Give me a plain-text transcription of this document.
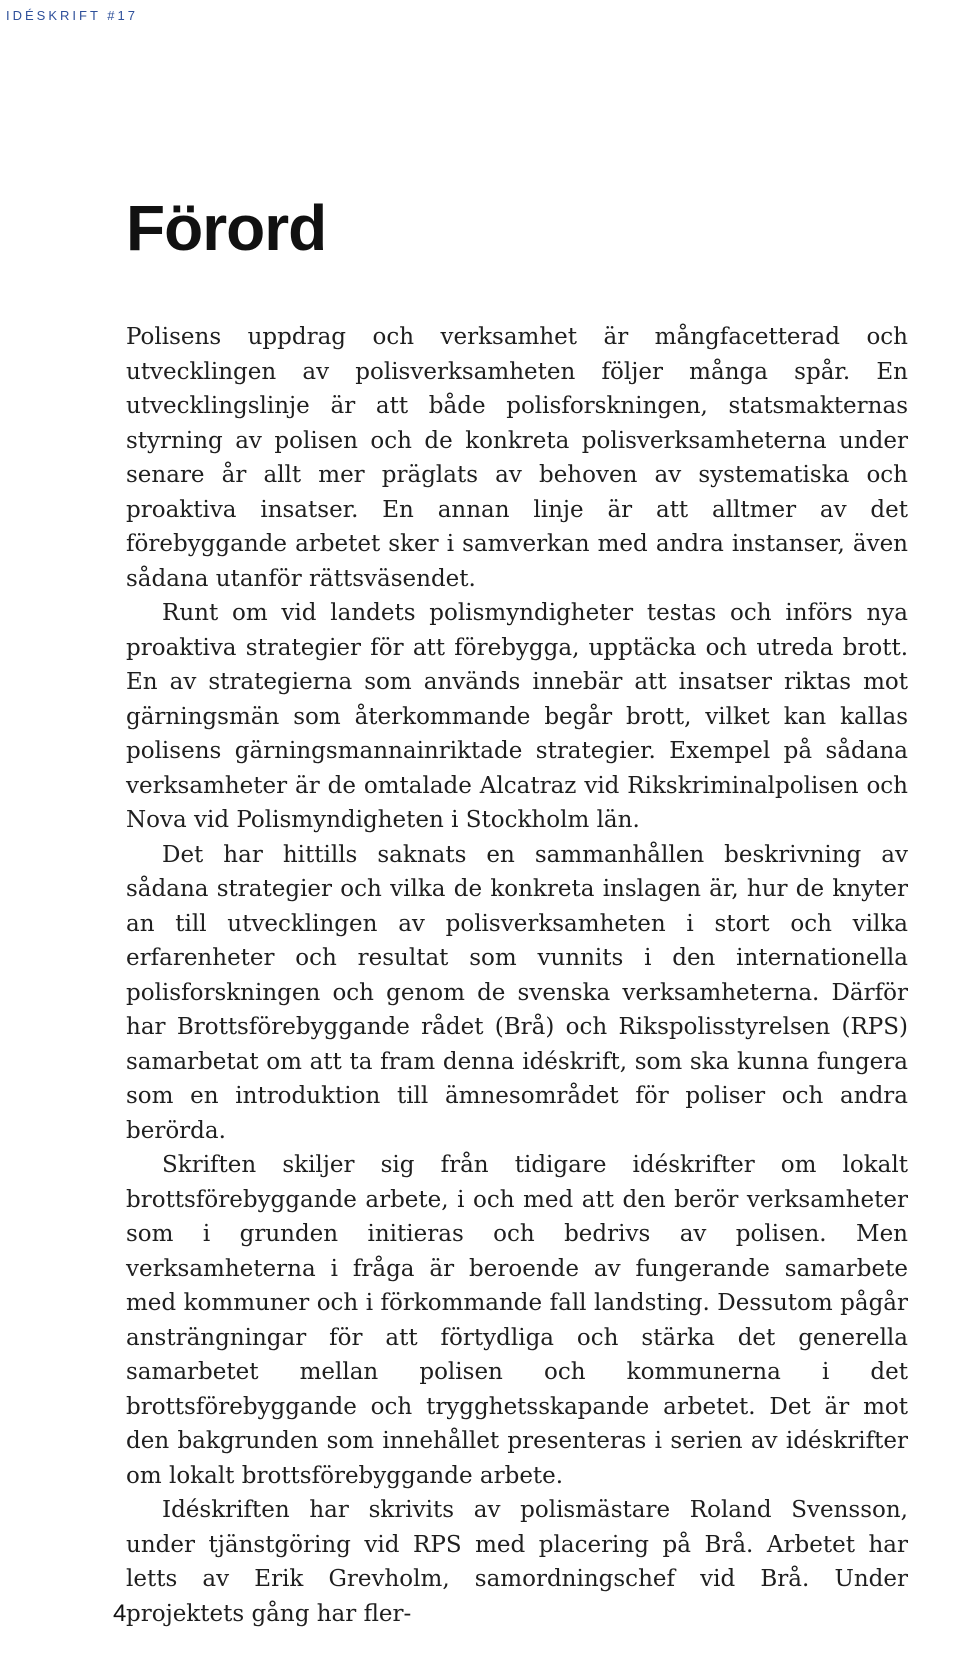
IDÉSKRIFT #17
Förord

Polisens uppdrag och verksamhet är mångfacetterad och utvecklingen av polisverksamheten följer många spår. En utvecklingslinje är att både polisforskningen, statsmakternas styrning av polisen och de konkreta polisverksamheterna under senare år allt mer präglats av behoven av systematiska och proaktiva insatser. En annan linje är att alltmer av det förebyggande arbetet sker i samverkan med andra instanser, även sådana utanför rättsväsendet.

Runt om vid landets polismyndigheter testas och införs nya proaktiva strategier för att förebygga, upptäcka och utreda brott. En av strategierna som används innebär att insatser riktas mot gärningsmän som återkommande begår brott, vilket kan kallas polisens gärningsmannainriktade strategier. Exempel på sådana verksamheter är de omtalade Alcatraz vid Rikskriminalpolisen och Nova vid Polismyndigheten i Stockholm län.

Det har hittills saknats en sammanhållen beskrivning av sådana strategier och vilka de konkreta inslagen är, hur de knyter an till utvecklingen av polisverksamheten i stort och vilka erfarenheter och resultat som vunnits i den internationella polisforskningen och genom de svenska verksamheterna. Därför har Brottsförebyggande rådet (Brå) och Rikspolisstyrelsen (RPS) samarbetat om att ta fram denna idéskrift, som ska kunna fungera som en introduktion till ämnesområdet för poliser och andra berörda.

Skriften skiljer sig från tidigare idéskrifter om lokalt brottsförebyggande arbete, i och med att den berör verksamheter som i grunden initieras och bedrivs av polisen. Men verksamheterna i fråga är beroende av fungerande samarbete med kommuner och i förkommande fall landsting. Dessutom pågår ansträngningar för att förtydliga och stärka det generella samarbetet mellan polisen och kommunerna i det brottsförebyggande och trygghetsskapande arbetet. Det är mot den bakgrunden som innehållet presenteras i serien av idéskrifter om lokalt brottsförebyggande arbete.

Idéskriften har skrivits av polismästare Roland Svensson, under tjänstgöring vid RPS med placering på Brå. Arbetet har letts av Erik Grevholm, samordningschef vid Brå. Under projektets gång har fler-

4
